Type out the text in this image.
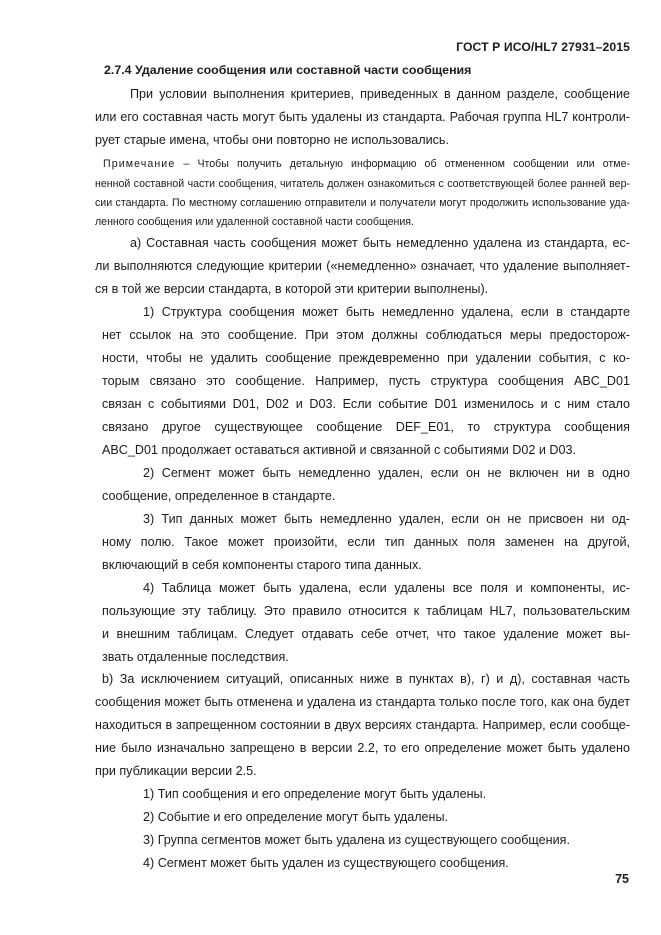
ГОСТ Р ИСО/HL7 27931–2015
2.7.4 Удаление сообщения или составной части сообщения
При условии выполнения критериев, приведенных в данном разделе, сообщение
или его составная часть могут быть удалены из стандарта. Рабочая группа HL7 контроли-
рует старые имена, чтобы они повторно не использовались.
Примечание – Чтобы получить детальную информацию об отмененном сообщении или отме-
ненной составной части сообщения, читатель должен ознакомиться с соответствующей более ранней вер-
сии стандарта. По местному соглашению отправители и получатели могут продолжить использование уда-
ленного сообщения или удаленной составной части сообщения.
а) Составная часть сообщения может быть немедленно удалена из стандарта, ес-
ли выполняются следующие критерии («немедленно» означает, что удаление выполняет-
ся в той же версии стандарта, в которой эти критерии выполнены).
1) Структура сообщения может быть немедленно удалена, если в стандарте
нет ссылок на это сообщение. При этом должны соблюдаться меры предосторож-
ности, чтобы не удалить сообщение преждевременно при удалении события, с ко-
торым связано это сообщение. Например, пусть структура сообщения ABC_D01
связан с событиями D01, D02 и D03. Если событие D01 изменилось и с ним стало
связано другое существующее сообщение DEF_E01, то структура сообщения
ABC_D01 продолжает оставаться активной и связанной с событиями D02 и D03.
2) Сегмент может быть немедленно удален, если он не включен ни в одно
сообщение, определенное в стандарте.
3) Тип данных может быть немедленно удален, если он не присвоен ни од-
ному полю. Такое может произойти, если тип данных поля заменен на другой,
включающий в себя компоненты старого типа данных.
4) Таблица может быть удалена, если удалены все поля и компоненты, ис-
пользующие эту таблицу. Это правило относится к таблицам HL7, пользовательским
и внешним таблицам. Следует отдавать себе отчет, что такое удаление может вы-
звать отдаленные последствия.
b) За исключением ситуаций, описанных ниже в пунктах в), г) и д), составная часть
сообщения может быть отменена и удалена из стандарта только после того, как она будет
находиться в запрещенном состоянии в двух версиях стандарта. Например, если сообще-
ние было изначально запрещено в версии 2.2, то его определение может быть удалено
при публикации версии 2.5.
1) Тип сообщения и его определение могут быть удалены.
2) Событие и его определение могут быть удалены.
3) Группа сегментов может быть удалена из существующего сообщения.
4) Сегмент может быть удален из существующего сообщения.
75
